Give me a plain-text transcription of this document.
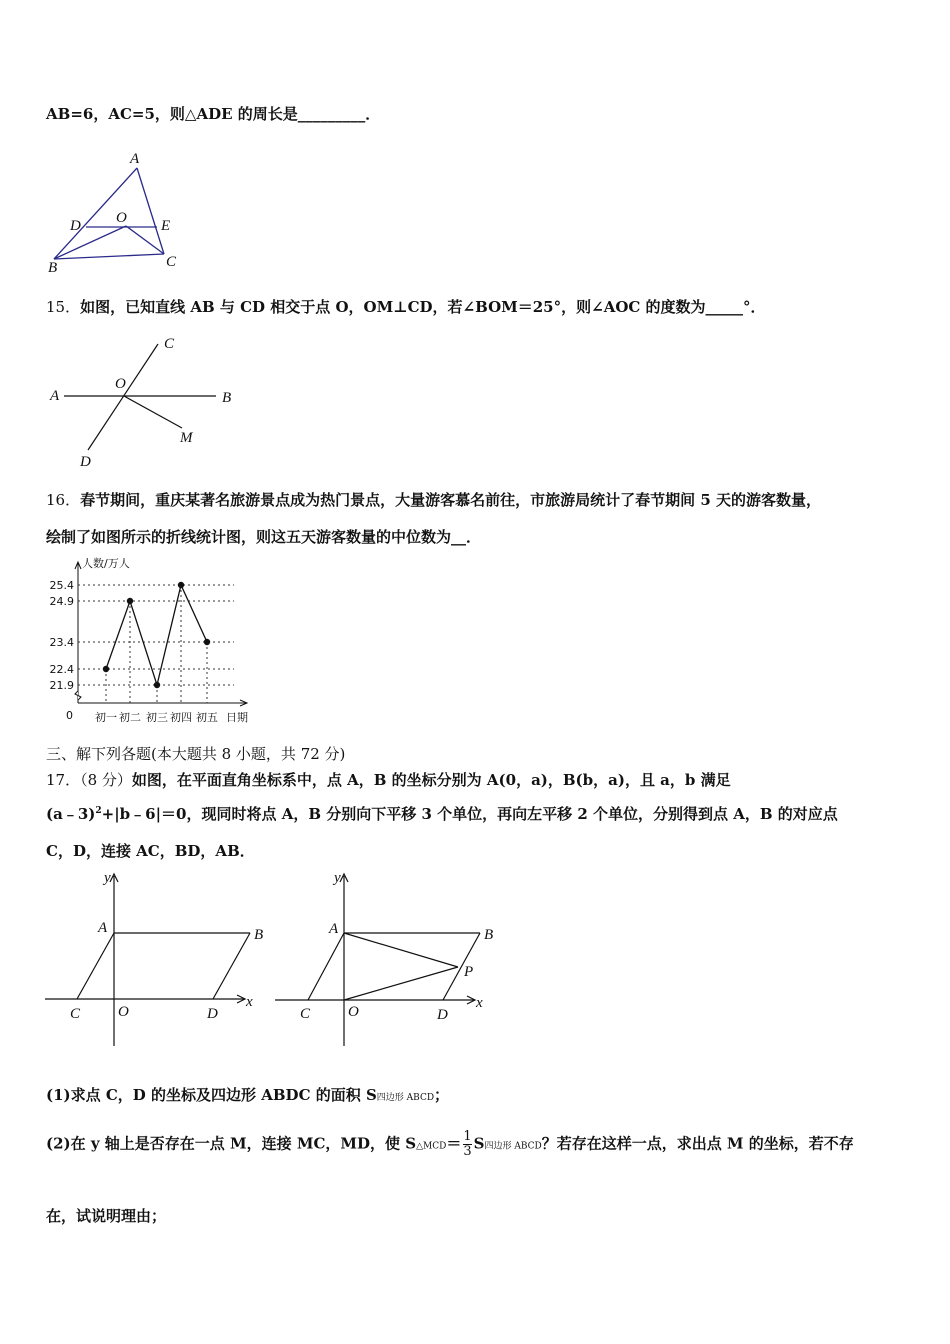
AB=6，AC=5，则△ADE 的周长是_________．
A
D O E
B	C
15．如图，已知直线 AB 与 CD 相交于点 O，OM⊥CD，若∠BOM＝25°，则∠AOC 的度数为_____°．
A	B
C
D
O
M
16．春节期间，重庆某著名旅游景点成为热门景点，大量游客慕名前往，市旅游局统计了春节期间 5 天的游客数量，
绘制了如图所示的折线统计图，则这五天游客数量的中位数为__．
25.4
24.9
23.4
22.4
21.9
人数/万人
日期
0 初一 初二 初三 初四 初五
三、解下列各题(本大题共 8 小题，共 72 分)
17．（8 分）如图，在平面直角坐标系中，点 A，B 的坐标分别为 A(0，a)，B(b，a)，且 a，b 满足
(a﹣3)$^2$+|b﹣6|＝0，现同时将点 A，B 分别向下平移 3 个单位，再向左平移 2 个单位，分别得到点 A，B 的对应点
C，D，连接 AC，BD，AB．
y
x
A	B
C	O	D
y
x
A	B
P
C	O	D
(1)求点 C，D 的坐标及四边形 ABDC 的面积 S四边形 ABCD；
(2)在 y 轴上是否存在一点 M，连接 MC，MD，使 S△MCD＝ $\frac{1}{3}$ S四边形 ABCD？若存在这样一点，求出点 M 的坐标，若不存
在，试说明理由；
